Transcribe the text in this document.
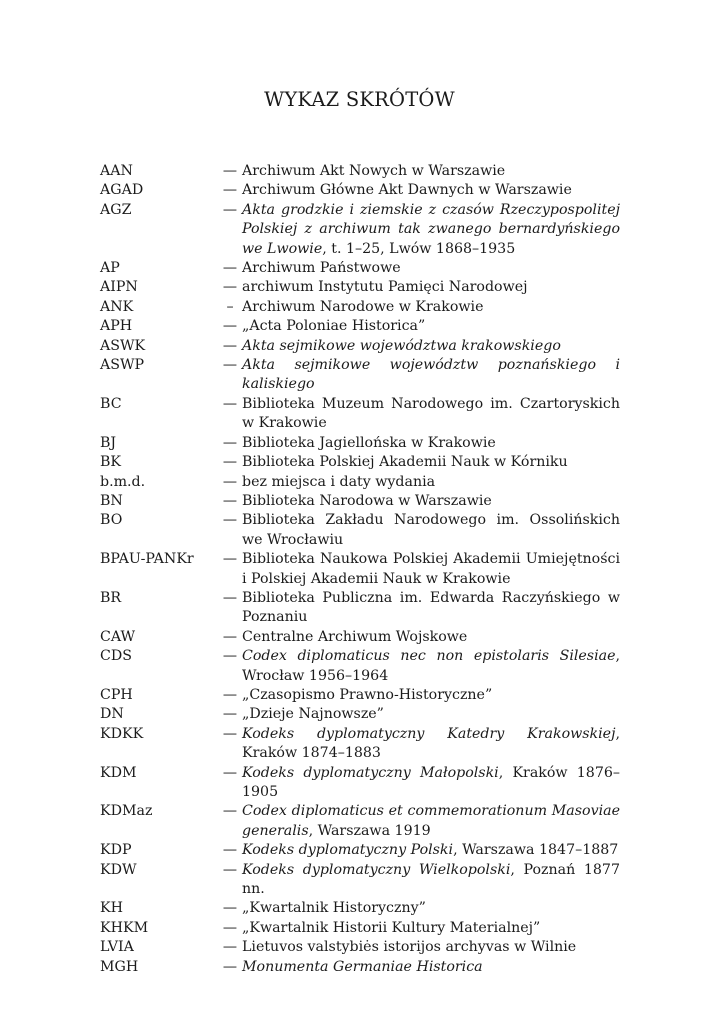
WYKAZ SKRÓTÓW
AAN	— Archiwum Akt Nowych w Warszawie
AGAD	— Archiwum Główne Akt Dawnych w Warszawie
AGZ	— Akta grodzkie i ziemskie z czasów Rzeczypospolitej Polskiej z archiwum tak zwanego bernardyńskiego we Lwowie, t. 1–25, Lwów 1868–1935
AP	— Archiwum Państwowe
AIPN	— archiwum Instytutu Pamięci Narodowej
ANK	– Archiwum Narodowe w Krakowie
APH	— „Acta Poloniae Historica”
ASWK	— Akta sejmikowe województwa krakowskiego
ASWP	— Akta sejmikowe województw poznańskiego i kaliskiego
BC	— Biblioteka Muzeum Narodowego im. Czartoryskich w Krakowie
BJ	— Biblioteka Jagiellońska w Krakowie
BK	— Biblioteka Polskiej Akademii Nauk w Kórniku
b.m.d.	— bez miejsca i daty wydania
BN	— Biblioteka Narodowa w Warszawie
BO	— Biblioteka Zakładu Narodowego im. Ossolińskich we Wrocławiu
BPAU-PANKr	— Biblioteka Naukowa Polskiej Akademii Umiejętności i Polskiej Akademii Nauk w Krakowie
BR	— Biblioteka Publiczna im. Edwarda Raczyńskiego w Poznaniu
CAW	— Centralne Archiwum Wojskowe
CDS	— Codex diplomaticus nec non epistolaris Silesiae, Wrocław 1956–1964
CPH	— „Czasopismo Prawno-Historyczne”
DN	— „Dzieje Najnowsze”
KDKK	— Kodeks dyplomatyczny Katedry Krakowskiej, Kraków 1874–1883
KDM	— Kodeks dyplomatyczny Małopolski, Kraków 1876–1905
KDMaz	— Codex diplomaticus et commemorationum Masoviae generalis, Warszawa 1919
KDP	— Kodeks dyplomatyczny Polski, Warszawa 1847–1887
KDW	— Kodeks dyplomatyczny Wielkopolski, Poznań 1877 nn.
KH	— „Kwartalnik Historyczny”
KHKM	— „Kwartalnik Historii Kultury Materialnej”
LVIA	— Lietuvos valstybiės istorijos archyvas w Wilnie
MGH	— Monumenta Germaniae Historica
